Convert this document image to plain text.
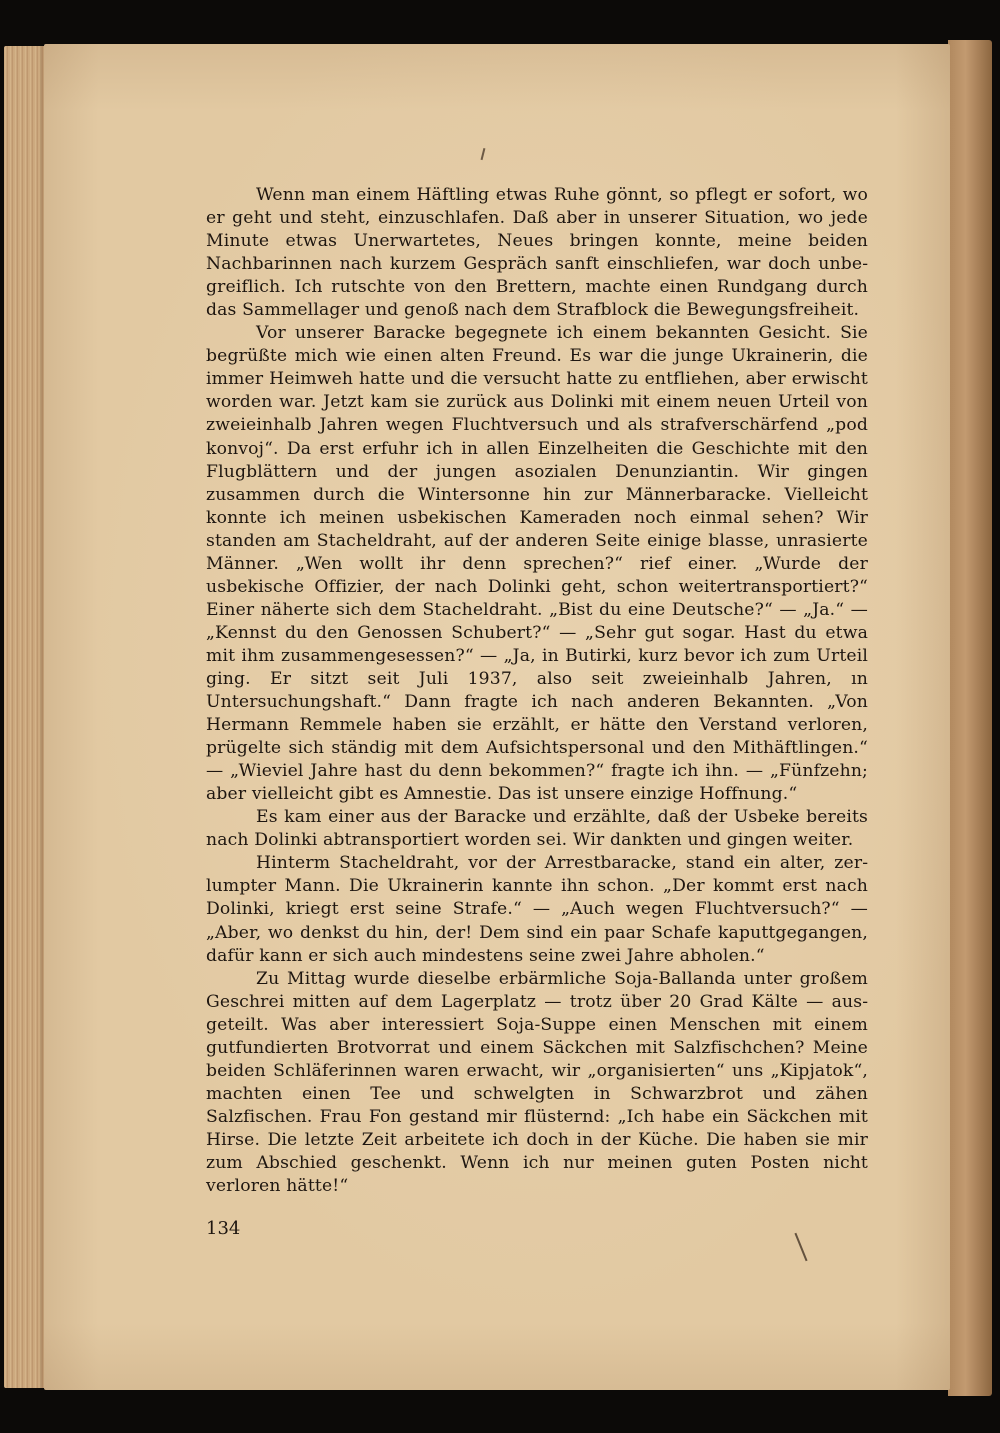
Wenn man einem Häftling etwas Ruhe gönnt, so pflegt er sofort, wo er geht und steht, einzuschlafen. Daß aber in unserer Situation, wo jede Minute etwas Unerwartetes, Neues bringen konnte, meine beiden Nachbarinnen nach kurzem Gespräch sanft einschliefen, war doch unbegreiflich. Ich rutschte von den Brettern, machte einen Rundgang durch das Sammellager und genoß nach dem Strafblock die Bewegungsfreiheit.

Vor unserer Baracke begegnete ich einem bekannten Gesicht. Sie begrüßte mich wie einen alten Freund. Es war die junge Ukrainerin, die immer Heimweh hatte und die versucht hatte zu entfliehen, aber erwischt worden war. Jetzt kam sie zurück aus Dolinki mit einem neuen Urteil von zweieinhalb Jahren wegen Fluchtversuch und als strafverschärfend „pod konvoj“. Da erst erfuhr ich in allen Einzelheiten die Geschichte mit den Flugblättern und der jungen asozialen Denunziantin. Wir gingen zusammen durch die Wintersonne hin zur Männerbaracke. Vielleicht konnte ich meinen usbekischen Kameraden noch einmal sehen? Wir standen am Stacheldraht, auf der anderen Seite einige blasse, unrasierte Männer. „Wen wollt ihr denn sprechen?“ rief einer. „Wurde der usbekische Offizier, der nach Dolinki geht, schon weitertransportiert?“ Einer näherte sich dem Stacheldraht. „Bist du eine Deutsche?“ — „Ja.“ — „Kennst du den Genossen Schubert?“ — „Sehr gut sogar. Hast du etwa mit ihm zusammengesessen?“ — „Ja, in Butirki, kurz bevor ich zum Urteil ging. Er sitzt seit Juli 1937, also seit zweieinhalb Jahren, ın Untersuchungshaft.“ Dann fragte ich nach anderen Bekannten. „Von Hermann Remmele haben sie erzählt, er hätte den Verstand verloren, prügelte sich ständig mit dem Aufsichtspersonal und den Mithäftlingen.“ — „Wieviel Jahre hast du denn bekommen?“ fragte ich ihn. — „Fünfzehn; aber vielleicht gibt es Amnestie. Das ist unsere einzige Hoffnung.“

Es kam einer aus der Baracke und erzählte, daß der Usbeke bereits nach Dolinki abtransportiert worden sei. Wir dankten und gingen weiter.

Hinterm Stacheldraht, vor der Arrestbaracke, stand ein alter, zerlumpter Mann. Die Ukrainerin kannte ihn schon. „Der kommt erst nach Dolinki, kriegt erst seine Strafe.“ — „Auch wegen Fluchtversuch?“ — „Aber, wo denkst du hin, der! Dem sind ein paar Schafe kaputtgegangen, dafür kann er sich auch mindestens seine zwei Jahre abholen.“

Zu Mittag wurde dieselbe erbärmliche Soja-Ballanda unter großem Geschrei mitten auf dem Lagerplatz — trotz über 20 Grad Kälte — ausgeteilt. Was aber interessiert Soja-Suppe einen Menschen mit einem gutfundierten Brotvorrat und einem Säckchen mit Salzfischchen? Meine beiden Schläferinnen waren erwacht, wir „organisierten“ uns „Kipjatok“, machten einen Tee und schwelgten in Schwarzbrot und zähen Salzfischen. Frau Fon gestand mir flüsternd: „Ich habe ein Säckchen mit Hirse. Die letzte Zeit arbeitete ich doch in der Küche. Die haben sie mir zum Abschied geschenkt. Wenn ich nur meinen guten Posten nicht verloren hätte!“

134
